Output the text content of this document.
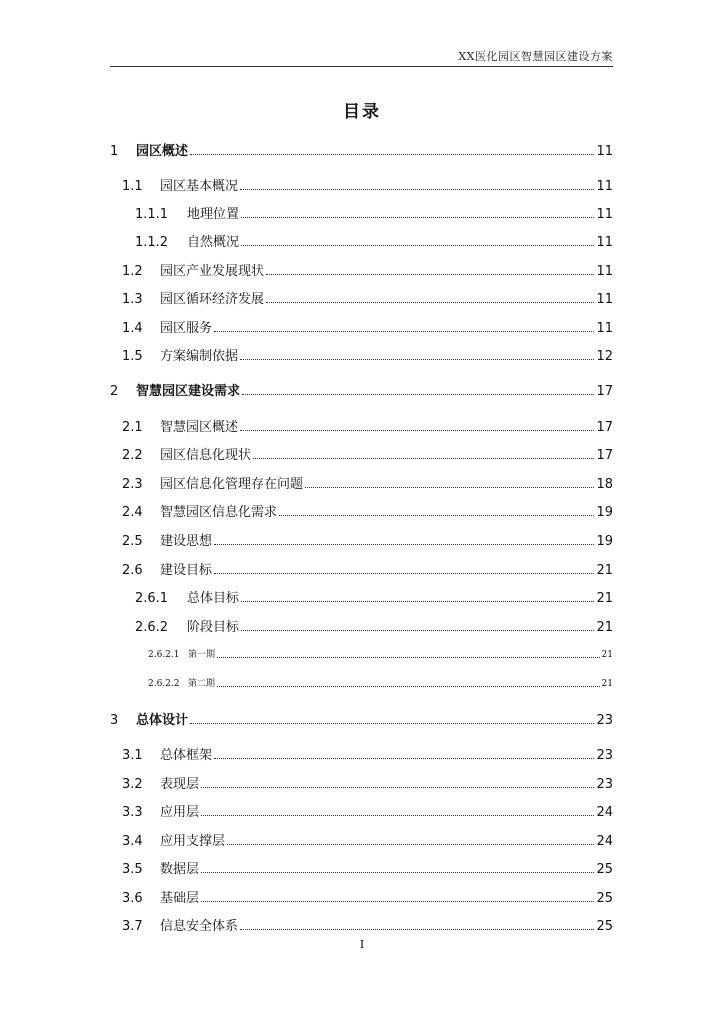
XX医化园区智慧园区建设方案
目录
1	园区概述	11
1.1	园区基本概况	11
1.1.1	地理位置	11
1.1.2	自然概况	11
1.2	园区产业发展现状	11
1.3	园区循环经济发展	11
1.4	园区服务	11
1.5	方案编制依据	12
2	智慧园区建设需求	17
2.1	智慧园区概述	17
2.2	园区信息化现状	17
2.3	园区信息化管理存在问题	18
2.4	智慧园区信息化需求	19
2.5	建设思想	19
2.6	建设目标	21
2.6.1	总体目标	21
2.6.2	阶段目标	21
2.6.2.1 第一期	21
2.6.2.2 第二期	21
3	总体设计	23
3.1	总体框架	23
3.2	表现层	23
3.3	应用层	24
3.4	应用支撑层	24
3.5	数据层	25
3.6	基础层	25
3.7	信息安全体系	25
I
